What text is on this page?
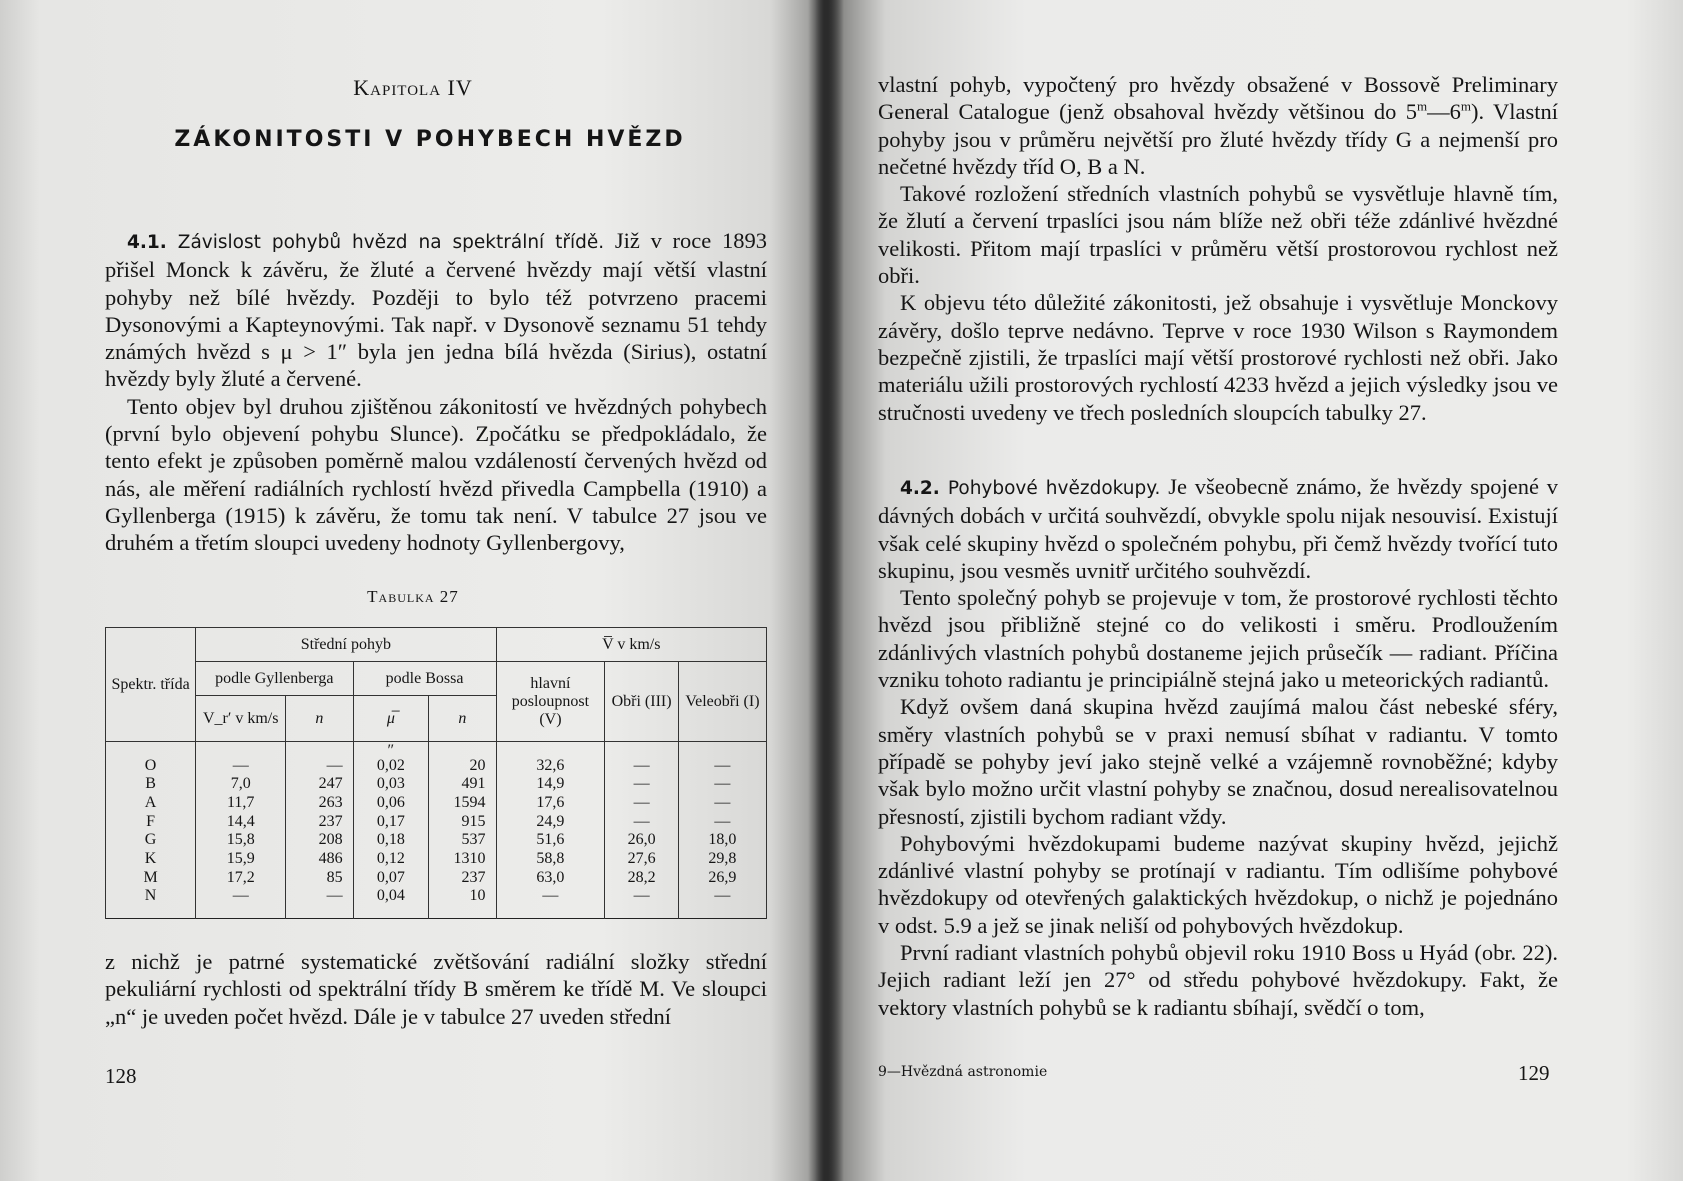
Kapitola IV
ZÁKONITOSTI V POHYBECH HVĚZD

4.1. Závislost pohybů hvězd na spektrální třídě. Již v roce 1893 přišel Monck k závěru, že žluté a červené hvězdy mají větší vlastní pohyby než bílé hvězdy. Později to bylo též potvrzeno pracemi Dysonovými a Kapteynovými. Tak např. v Dysonově seznamu 51 tehdy známých hvězd s μ > 1″ byla jen jedna bílá hvězda (Sirius), ostatní hvězdy byly žluté a červené.

Tento objev byl druhou zjištěnou zákonitostí ve hvězdných pohybech (první bylo objevení pohybu Slunce). Zpočátku se předpokládalo, že tento efekt je způsoben poměrně malou vzdáleností červených hvězd od nás, ale měření radiálních rychlostí hvězd přivedla Campbella (1910) a Gyllenberga (1915) k závěru, že tomu tak není. V tabulce 27 jsou ve druhém a třetím sloupci uvedeny hodnoty Gyllenbergovy,

Tabulka 27
Spektr. třída	Střední pohyb				V̅ v km/s		
	podle Gyllenberga		podle Bossa		hlavní posloupnost (V)	Obři (III)	Veleobři (I)
	V_r′ v km/s	n	μ̅	n			
			″				
O	—	—	0,02	20	32,6	—	—
B	7,0	247	0,03	491	14,9	—	—
A	11,7	263	0,06	1594	17,6	—	—
F	14,4	237	0,17	915	24,9	—	—
G	15,8	208	0,18	537	51,6	26,0	18,0
K	15,9	486	0,12	1310	58,8	27,6	29,8
M	17,2	85	0,07	237	63,0	28,2	26,9
N	—	—	0,04	10	—	—	—

z nichž je patrné systematické zvětšování radiální složky střední pekuliární rychlosti od spektrální třídy B směrem ke třídě M. Ve sloupci „n“ je uveden počet hvězd. Dále je v tabulce 27 uveden střední

128

vlastní pohyb, vypočtený pro hvězdy obsažené v Bossově Preliminary General Catalogue (jenž obsahoval hvězdy většinou do 5$^m$—6$^m$). Vlastní pohyby jsou v průměru největší pro žluté hvězdy třídy G a nejmenší pro nečetné hvězdy tříd O, B a N.

Takové rozložení středních vlastních pohybů se vysvětluje hlavně tím, že žlutí a červení trpaslíci jsou nám blíže než obři téže zdánlivé hvězdné velikosti. Přitom mají trpaslíci v průměru větší prostorovou rychlost než obři.

K objevu této důležité zákonitosti, jež obsahuje i vysvětluje Monckovy závěry, došlo teprve nedávno. Teprve v roce 1930 Wilson s Raymondem bezpečně zjistili, že trpaslíci mají větší prostorové rychlosti než obři. Jako materiálu užili prostorových rychlostí 4233 hvězd a jejich výsledky jsou ve stručnosti uvedeny ve třech posledních sloupcích tabulky 27.

4.2. Pohybové hvězdokupy. Je všeobecně známo, že hvězdy spojené v dávných dobách v určitá souhvězdí, obvykle spolu nijak nesouvisí. Existují však celé skupiny hvězd o společném pohybu, při čemž hvězdy tvořící tuto skupinu, jsou vesměs uvnitř určitého souhvězdí.

Tento společný pohyb se projevuje v tom, že prostorové rychlosti těchto hvězd jsou přibližně stejné co do velikosti i směru. Prodloužením zdánlivých vlastních pohybů dostaneme jejich průsečík — radiant. Příčina vzniku tohoto radiantu je principiálně stejná jako u meteorických radiantů.

Když ovšem daná skupina hvězd zaujímá malou část nebeské sféry, směry vlastních pohybů se v praxi nemusí sbíhat v radiantu. V tomto případě se pohyby jeví jako stejně velké a vzájemně rovnoběžné; kdyby však bylo možno určit vlastní pohyby se značnou, dosud nerealisovatelnou přesností, zjistili bychom radiant vždy.

Pohybovými hvězdokupami budeme nazývat skupiny hvězd, jejichž zdánlivé vlastní pohyby se protínají v radiantu. Tím odlišíme pohybové hvězdokupy od otevřených galaktických hvězdokup, o nichž je pojednáno v odst. 5.9 a jež se jinak neliší od pohybových hvězdokup.

První radiant vlastních pohybů objevil roku 1910 Boss u Hyád (obr. 22). Jejich radiant leží jen 27° od středu pohybové hvězdokupy. Fakt, že vektory vlastních pohybů se k radiantu sbíhají, svědčí o tom,

9—Hvězdná astronomie	129
